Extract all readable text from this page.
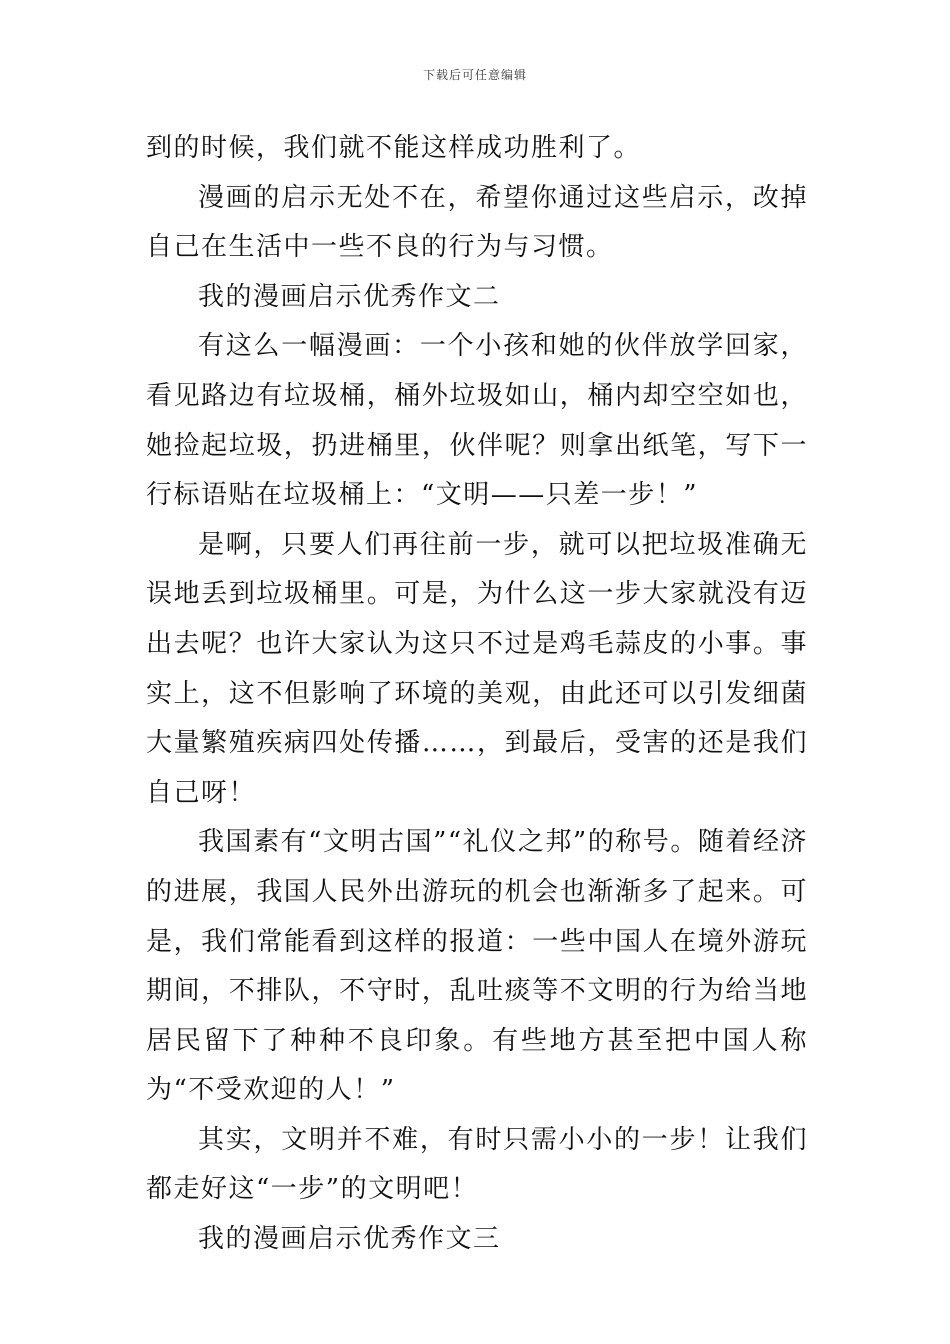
下载后可任意编辑

到的时候，我们就不能这样成功胜利了。

漫画的启示无处不在，希望你通过这些启示，改掉自己在生活中一些不良的行为与习惯。

我的漫画启示优秀作文二

有这么一幅漫画：一个小孩和她的伙伴放学回家，看见路边有垃圾桶，桶外垃圾如山，桶内却空空如也，她捡起垃圾，扔进桶里，伙伴呢？则拿出纸笔，写下一行标语贴在垃圾桶上：“文明——只差一步！”

是啊，只要人们再往前一步，就可以把垃圾准确无误地丢到垃圾桶里。可是，为什么这一步大家就没有迈出去呢？也许大家认为这只不过是鸡毛蒜皮的小事。事实上，这不但影响了环境的美观，由此还可以引发细菌大量繁殖疾病四处传播……，到最后，受害的还是我们自己呀！

我国素有“文明古国”“礼仪之邦”的称号。随着经济的进展，我国人民外出游玩的机会也渐渐多了起来。可是，我们常能看到这样的报道：一些中国人在境外游玩期间，不排队，不守时，乱吐痰等不文明的行为给当地居民留下了种种不良印象。有些地方甚至把中国人称为“不受欢迎的人！”

其实，文明并不难，有时只需小小的一步！让我们都走好这“一步”的文明吧！

我的漫画启示优秀作文三
